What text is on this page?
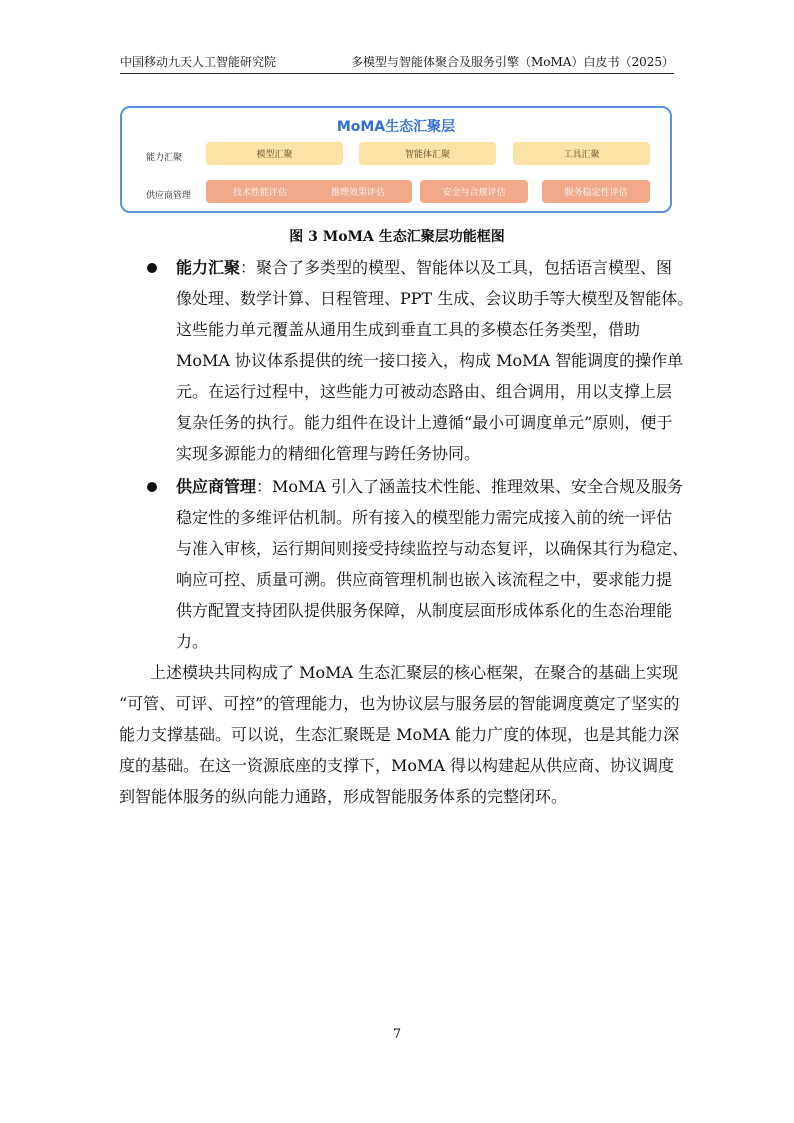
中国移动九天人工智能研究院	多模型与智能体聚合及服务引擎（MoMA）白皮书（2025）
MoMA生态汇聚层
能力汇聚	模型汇聚	智能体汇聚	工具汇聚
供应商管理	技术性能评估	推理效果评估	安全与合规评估	服务稳定性评估
图 3 MoMA 生态汇聚层功能框图
能力汇聚：聚合了多类型的模型、智能体以及工具，包括语言模型、图
像处理、数学计算、日程管理、PPT 生成、会议助手等大模型及智能体。
这些能力单元覆盖从通用生成到垂直工具的多模态任务类型，借助
MoMA 协议体系提供的统一接口接入，构成 MoMA 智能调度的操作单
元。在运行过程中，这些能力可被动态路由、组合调用，用以支撑上层
复杂任务的执行。能力组件在设计上遵循“最小可调度单元”原则，便于
实现多源能力的精细化管理与跨任务协同。
供应商管理：MoMA 引入了涵盖技术性能、推理效果、安全合规及服务
稳定性的多维评估机制。所有接入的模型能力需完成接入前的统一评估
与准入审核，运行期间则接受持续监控与动态复评，以确保其行为稳定、
响应可控、质量可溯。供应商管理机制也嵌入该流程之中，要求能力提
供方配置支持团队提供服务保障，从制度层面形成体系化的生态治理能
力。
上述模块共同构成了 MoMA 生态汇聚层的核心框架，在聚合的基础上实现
“可管、可评、可控”的管理能力，也为协议层与服务层的智能调度奠定了坚实的
能力支撑基础。可以说，生态汇聚既是 MoMA 能力广度的体现，也是其能力深
度的基础。在这一资源底座的支撑下，MoMA 得以构建起从供应商、协议调度
到智能体服务的纵向能力通路，形成智能服务体系的完整闭环。
7
